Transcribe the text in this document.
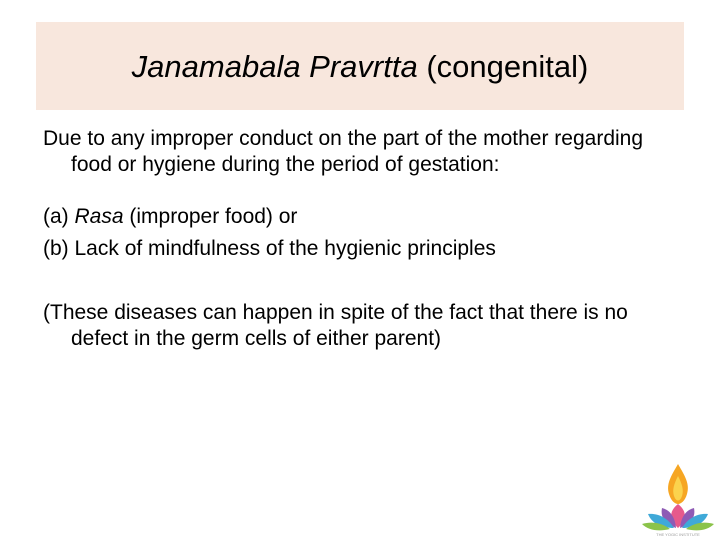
Janamabala Pravrtta (congenital)

Due to any improper conduct on the part of the mother regarding food or hygiene during the period of gestation:

(a) Rasa (improper food) or

(b) Lack of mindfulness of the hygienic principles

(These diseases can happen in spite of the fact that there is no defect in the germ cells of either parent)

THE YOGIC INSTITUTE
